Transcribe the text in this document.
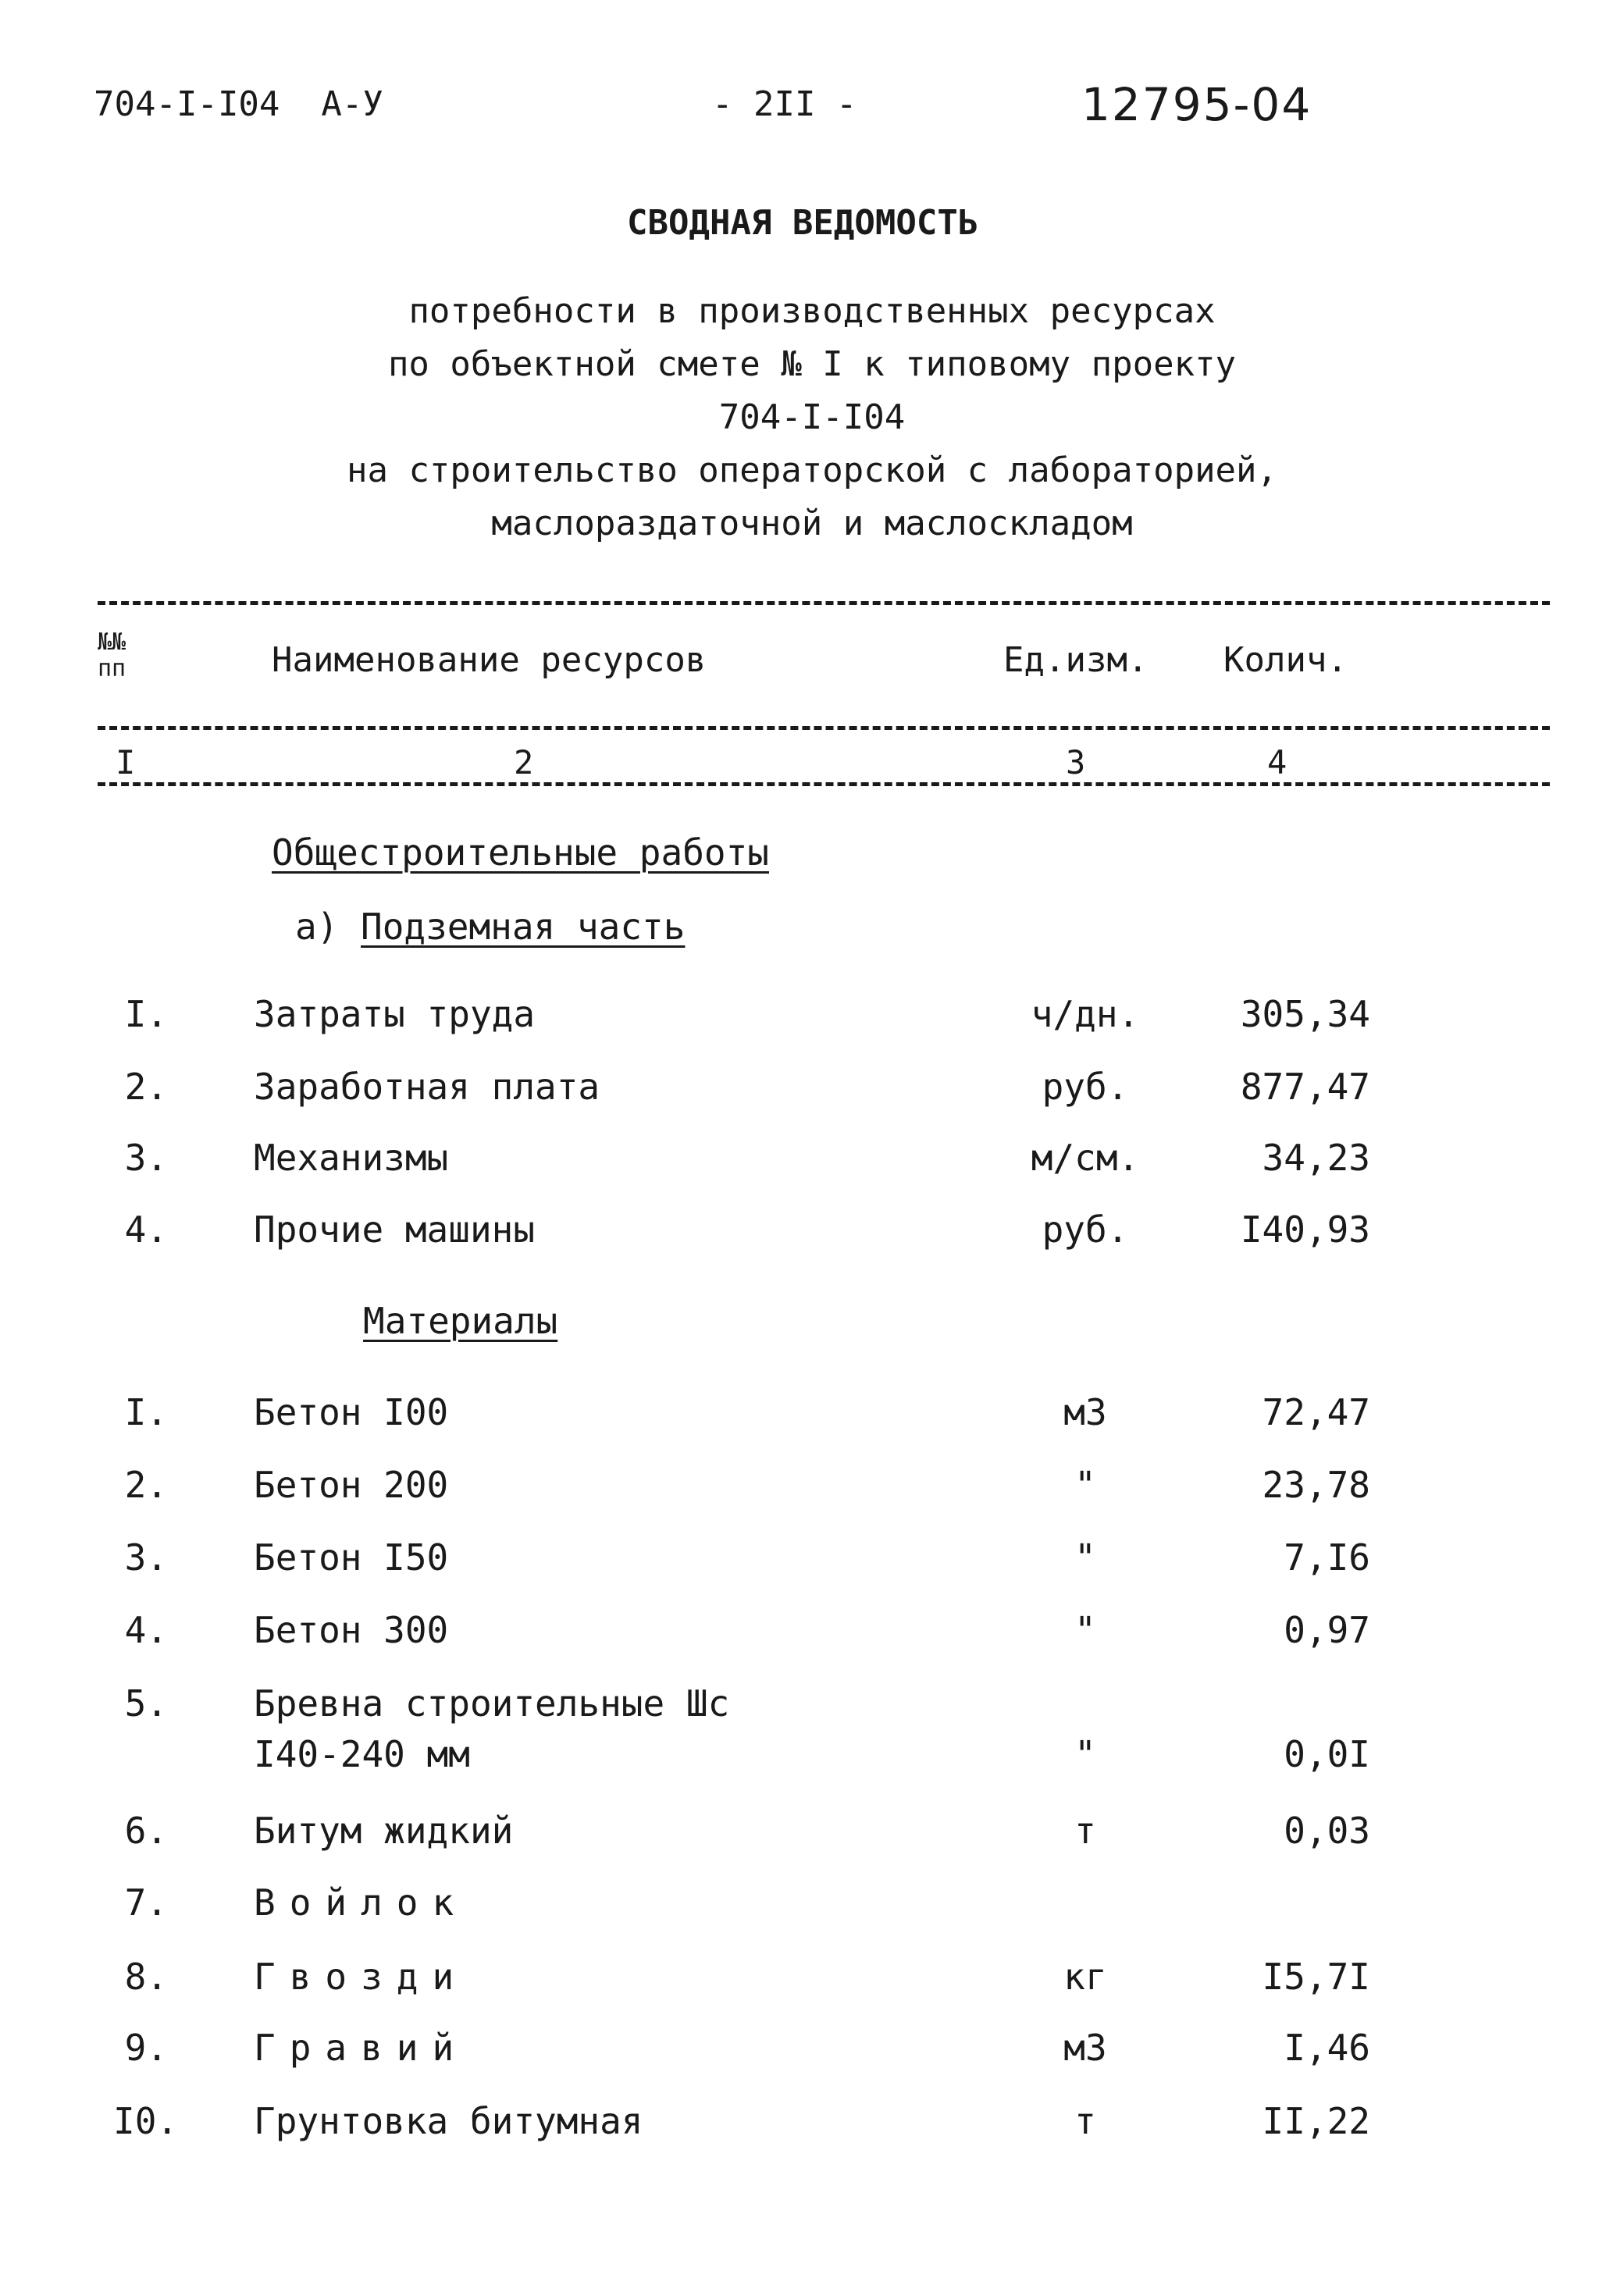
704-I-I04  А-У	- 2II -	12795-04
СВОДНАЯ ВЕДОМОСТЬ
потребности в производственных ресурсах
по объектной смете № I к типовому проекту
704-I-I04
на строительство операторской с лабораторией,
маслораздаточной и маслоскладом
№№
пп	Наименование ресурсов	Ед.изм. Колич.
I	2	3	4
Общестроительные работы
а) Подземная часть
I. Затраты труда	ч/дн.	305,34
2. Заработная плата	руб.	877,47
3. Механизмы	м/см.	34,23
4. Прочие машины	руб.	I40,93
Материалы
I. Бетон I00	м3	72,47
2. Бетон 200	"	23,78
3. Бетон I50	"	7,I6
4. Бетон 300	"	0,97
5. Бревна строительные Шс
I40-240 мм	"	0,0I
6. Битум жидкий	т	0,03
7. Войлок
8. Гвозди	кг	I5,7I
9. Гравий	м3	I,46
I0. Грунтовка битумная	т	II,22
